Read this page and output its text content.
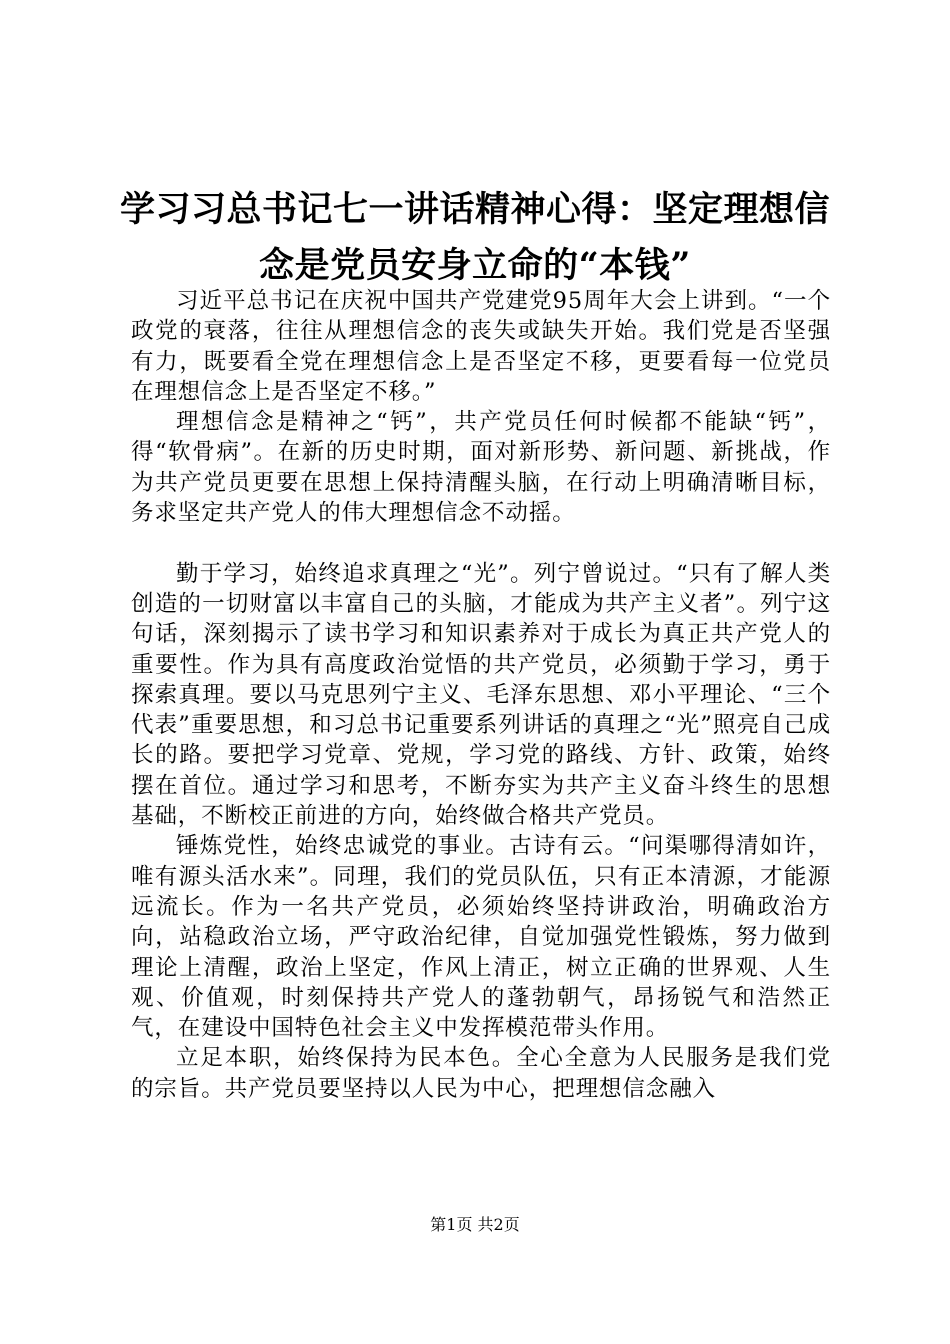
学习习总书记七一讲话精神心得：坚定理想信念是党员安身立命的“本钱”

习近平总书记在庆祝中国共产党建党95周年大会上讲到。“一个政党的衰落，往往从理想信念的丧失或缺失开始。我们党是否坚强有力，既要看全党在理想信念上是否坚定不移，更要看每一位党员在理想信念上是否坚定不移。”

理想信念是精神之“钙”，共产党员任何时候都不能缺“钙”，得“软骨病”。在新的历史时期，面对新形势、新问题、新挑战，作为共产党员更要在思想上保持清醒头脑，在行动上明确清晰目标，务求坚定共产党人的伟大理想信念不动摇。

勤于学习，始终追求真理之“光”。列宁曾说过。“只有了解人类创造的一切财富以丰富自己的头脑，才能成为共产主义者”。列宁这句话，深刻揭示了读书学习和知识素养对于成长为真正共产党人的重要性。作为具有高度政治觉悟的共产党员，必须勤于学习，勇于探索真理。要以马克思列宁主义、毛泽东思想、邓小平理论、“三个代表”重要思想，和习总书记重要系列讲话的真理之“光”照亮自己成长的路。要把学习党章、党规，学习党的路线、方针、政策，始终摆在首位。通过学习和思考，不断夯实为共产主义奋斗终生的思想基础，不断校正前进的方向，始终做合格共产党员。

锤炼党性，始终忠诚党的事业。古诗有云。“问渠哪得清如许，唯有源头活水来”。同理，我们的党员队伍，只有正本清源，才能源远流长。作为一名共产党员，必须始终坚持讲政治，明确政治方向，站稳政治立场，严守政治纪律，自觉加强党性锻炼，努力做到理论上清醒，政治上坚定，作风上清正，树立正确的世界观、人生观、价值观，时刻保持共产党人的蓬勃朝气，昂扬锐气和浩然正气，在建设中国特色社会主义中发挥模范带头作用。

立足本职，始终保持为民本色。全心全意为人民服务是我们党的宗旨。共产党员要坚持以人民为中心，把理想信念融入

第1页 共2页
